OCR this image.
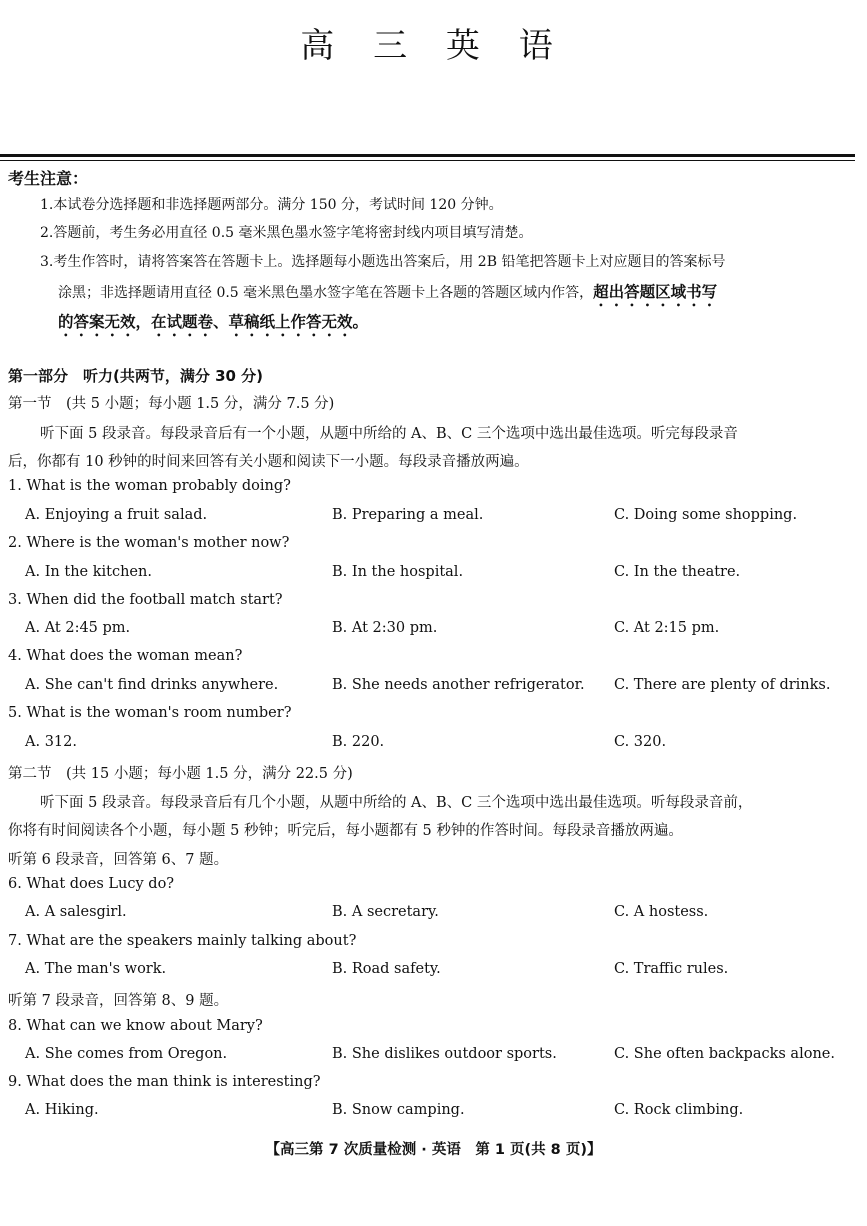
高 三 英 语
考生注意：
1.本试卷分选择题和非选择题两部分。满分 150 分，考试时间 120 分钟。
2.答题前，考生务必用直径 0.5 毫米黑色墨水签字笔将密封线内项目填写清楚。
3.考生作答时，请将答案答在答题卡上。选择题每小题选出答案后，用 2B 铅笔把答题卡上对应题目的答案标号
涂黑；非选择题请用直径 0.5 毫米黑色墨水签字笔在答题卡上各题的答题区域内作答，超出答题区域书写
的答案无效，在试题卷、草稿纸上作答无效。
第一部分　听力(共两节，满分 30 分)
第一节　(共 5 小题；每小题 1.5 分，满分 7.5 分)
听下面 5 段录音。每段录音后有一个小题，从题中所给的 A、B、C 三个选项中选出最佳选项。听完每段录音
后，你都有 10 秒钟的时间来回答有关小题和阅读下一小题。每段录音播放两遍。
1. What is the woman probably doing?
A. Enjoying a fruit salad.	B. Preparing a meal.	C. Doing some shopping.
2. Where is the woman's mother now?
A. In the kitchen.	B. In the hospital.	C. In the theatre.
3. When did the football match start?
A. At 2:45 pm.	B. At 2:30 pm.	C. At 2:15 pm.
4. What does the woman mean?
A. She can't find drinks anywhere.	B. She needs another refrigerator. C. There are plenty of drinks.
5. What is the woman's room number?
A. 312.	B. 220.	C. 320.
第二节　(共 15 小题；每小题 1.5 分，满分 22.5 分)
听下面 5 段录音。每段录音后有几个小题，从题中所给的 A、B、C 三个选项中选出最佳选项。听每段录音前，
你将有时间阅读各个小题，每小题 5 秒钟；听完后，每小题都有 5 秒钟的作答时间。每段录音播放两遍。
听第 6 段录音，回答第 6、7 题。
6. What does Lucy do?
A. A salesgirl.	B. A secretary.	C. A hostess.
7. What are the speakers mainly talking about?
A. The man's work.	B. Road safety.	C. Traffic rules.
听第 7 段录音，回答第 8、9 题。
8. What can we know about Mary?
A. She comes from Oregon.	B. She dislikes outdoor sports.	C. She often backpacks alone.
9. What does the man think is interesting?
A. Hiking.	B. Snow camping.	C. Rock climbing.
【高三第 7 次质量检测 · 英语　第 1 页(共 8 页)】
